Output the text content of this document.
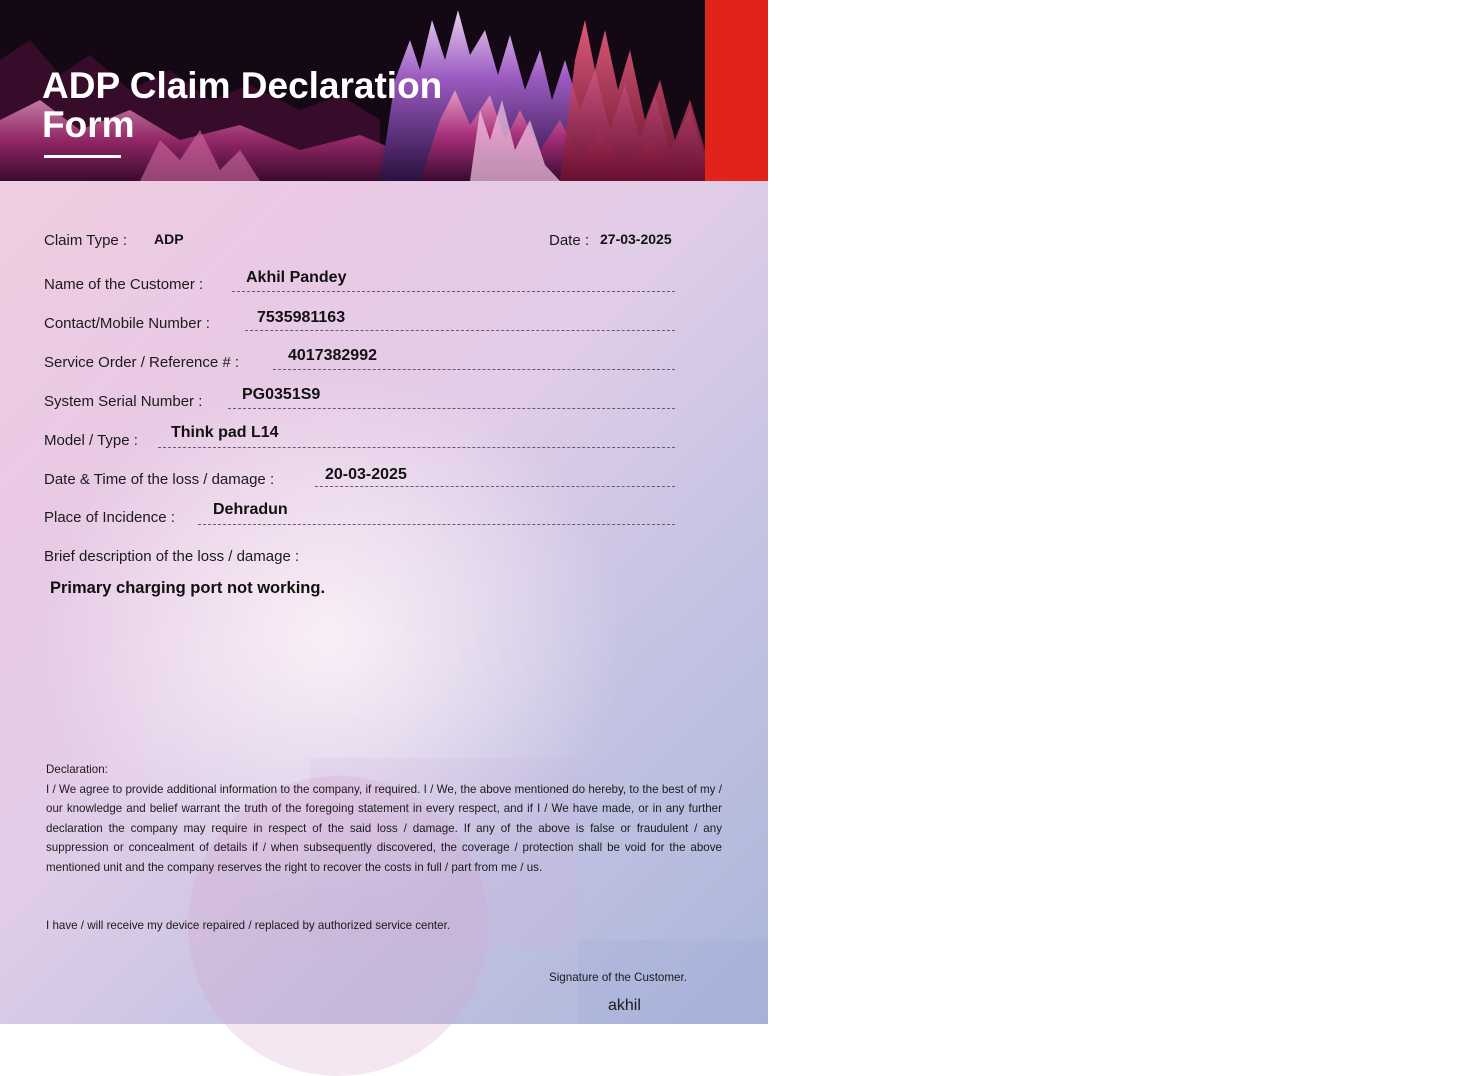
ADP Claim Declaration
Form	Lenovo
Claim Type : ADP	Date : 27-03-2025
Name of the Customer :	Akhil Pandey
Contact/Mobile Number :	7535981163
Service Order / Reference # :	4017382992
System Serial Number : PG0351S9
Model / Type : Think pad L14
Date & Time of the loss / damage :	20-03-2025
Place of Incidence : Dehradun
Brief description of the loss / damage :
Primary charging port not working.
Declaration:
I / We agree to provide additional information to the company, if required. I / We, the above mentioned do hereby, to the best of my / our knowledge and belief warrant the truth of the foregoing statement in every respect, and if I / We have made, or in any further declaration the company may require in respect of the said loss / damage. If any of the above is false or fraudulent / any suppression or concealment of details if / when subsequently discovered, the coverage / protection shall be void for the above mentioned unit and the company reserves the right to recover the costs in full / part from me / us.
I have / will receive my device repaired / replaced by authorized service center.
Signature of the Customer.
akhil
